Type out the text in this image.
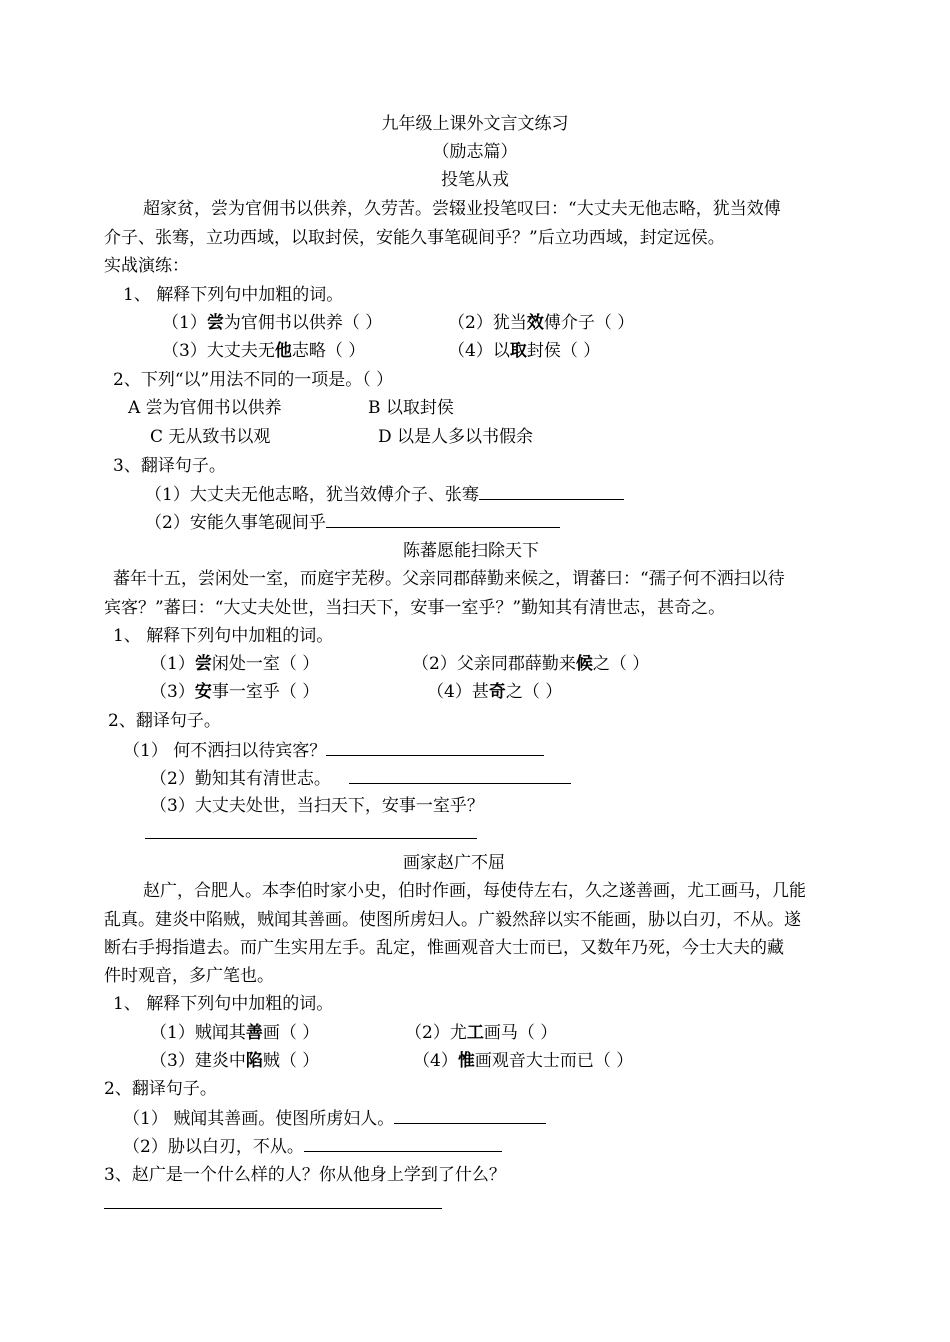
九年级上课外文言文练习
（励志篇）
投笔从戎
超家贫，尝为官佣书以供养，久劳苦。尝辍业投笔叹曰：“大丈夫无他志略，犹当效傅
介子、张骞，立功西域，以取封侯，安能久事笔砚间乎？”后立功西域，封定远侯。
实战演练：
1、 解释下列句中加粗的词。
（1）尝为官佣书以供养（ ）	（2）犹当效傅介子（ ）
（3）大丈夫无他志略（ ）	（4）以取封侯（ ）
2、下列“以”用法不同的一项是。（ ）
A 尝为官佣书以供养	B 以取封侯
C 无从致书以观	D 以是人多以书假余
3、翻译句子。
（1）大丈夫无他志略，犹当效傅介子、张骞
（2）安能久事笔砚间乎
陈蕃愿能扫除天下
蕃年十五，尝闲处一室，而庭宇芜秽。父亲同郡薛勤来候之，谓蕃曰：“孺子何不洒扫以待
宾客？”蕃曰：“大丈夫处世，当扫天下，安事一室乎？”勤知其有清世志，甚奇之。
1、 解释下列句中加粗的词。
（1）尝闲处一室（ ）	（2）父亲同郡薛勤来候之（ ）
（3）安事一室乎（ ）	（4）甚奇之（ ）
2、翻译句子。
（1） 何不洒扫以待宾客？
（2）勤知其有清世志。
（3）大丈夫处世，当扫天下，安事一室乎？
画家赵广不屈
赵广，合肥人。本李伯时家小史，伯时作画，每使侍左右，久之遂善画，尤工画马，几能
乱真。建炎中陷贼，贼闻其善画。使图所虏妇人。广毅然辞以实不能画，胁以白刃，不从。遂
断右手拇指遣去。而广生实用左手。乱定，惟画观音大士而已，又数年乃死，今士大夫的藏
件时观音，多广笔也。
1、 解释下列句中加粗的词。
（1）贼闻其善画（ ）	（2）尤工画马（ ）
（3）建炎中陷贼（ ）	（4）惟画观音大士而已（ ）
2、翻译句子。
（1） 贼闻其善画。使图所虏妇人。
（2）胁以白刃，不从。
3、赵广是一个什么样的人？你从他身上学到了什么？
